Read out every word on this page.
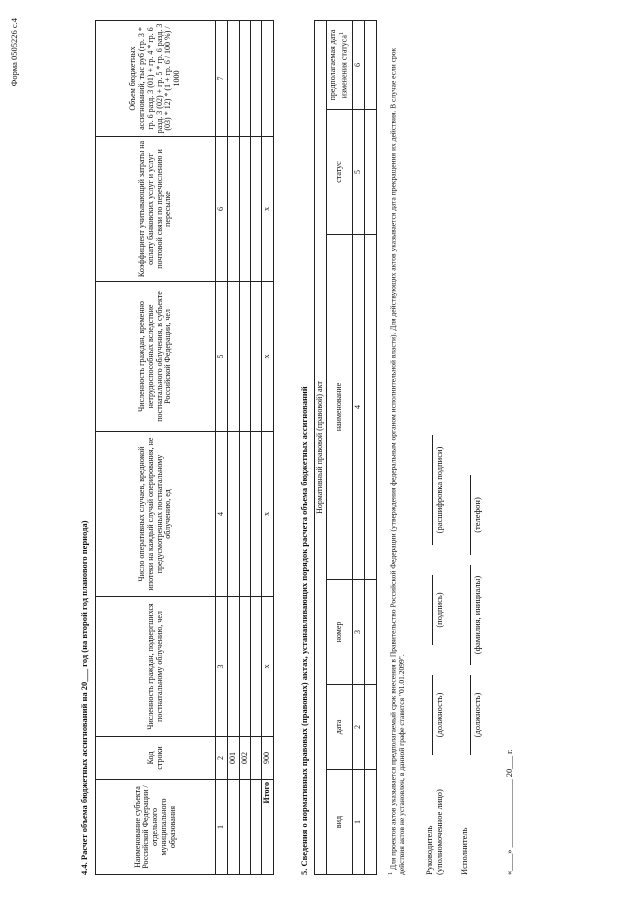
Форма 0505226 с.4
4.4. Расчет объема бюджетных ассигнований на 20___ год (на второй год планового периода)	Наименование субъекта Российской Федерации / отдельного муниципального образования	Код строки	Численность граждан, подвергшихся постнатальному облучению, чел	Число оперативных случаев, вреднокой ипотеки на каждый случай оперирования, не предусмотренных постнатальному облучению, ед	Численность граждан, временно нетрудоспособных вследствие постнатального облучения, в субъекте Российской Федерации, чел	Коэффициент учитывающий затраты на оплату банковских услуг и услуг почтовой связи по перечислению и пересылке	Объем бюджетных ассигнований, тыс руб (гр. 3 * гр. 6 разд. 3 (01) + гр. 4 * гр. 6 разд. 3 (02) + гр. 5 * гр. 6 разд. 3 (03) * 12) * (1 + гр. 6 / 100 %) / 1000
1	2	3	4	5	6	7
	001					
	002					

Итого	900	x	x	x	x	
5. Сведения о нормативных правовых (правовых) актах, устанавливающих порядок расчета объема бюджетных ассигнований Нормативный правовой (правовой) акт					
вид	дата	номер	наименование	статус	предполагаемая дата изменения статуса$^1$
1	2	3	4	5	6

$^1$ Для проектов актов указывается предполагаемый срок внесения в Правительство Российской Федерации (утверждения федеральным органом исполнительной власти). Для действующих актов указывается дата прекращения их действия. В случае если срок действия актов не установлен, в данной графе ставится "01.01.2099". Руководитель (уполномоченное лицо)
(должность)
(подпись)
(расшифровка подписи)
Исполнитель
(должность)
(фамилия, инициалы)
(телефон)
«____» ________________ 20___ г.
